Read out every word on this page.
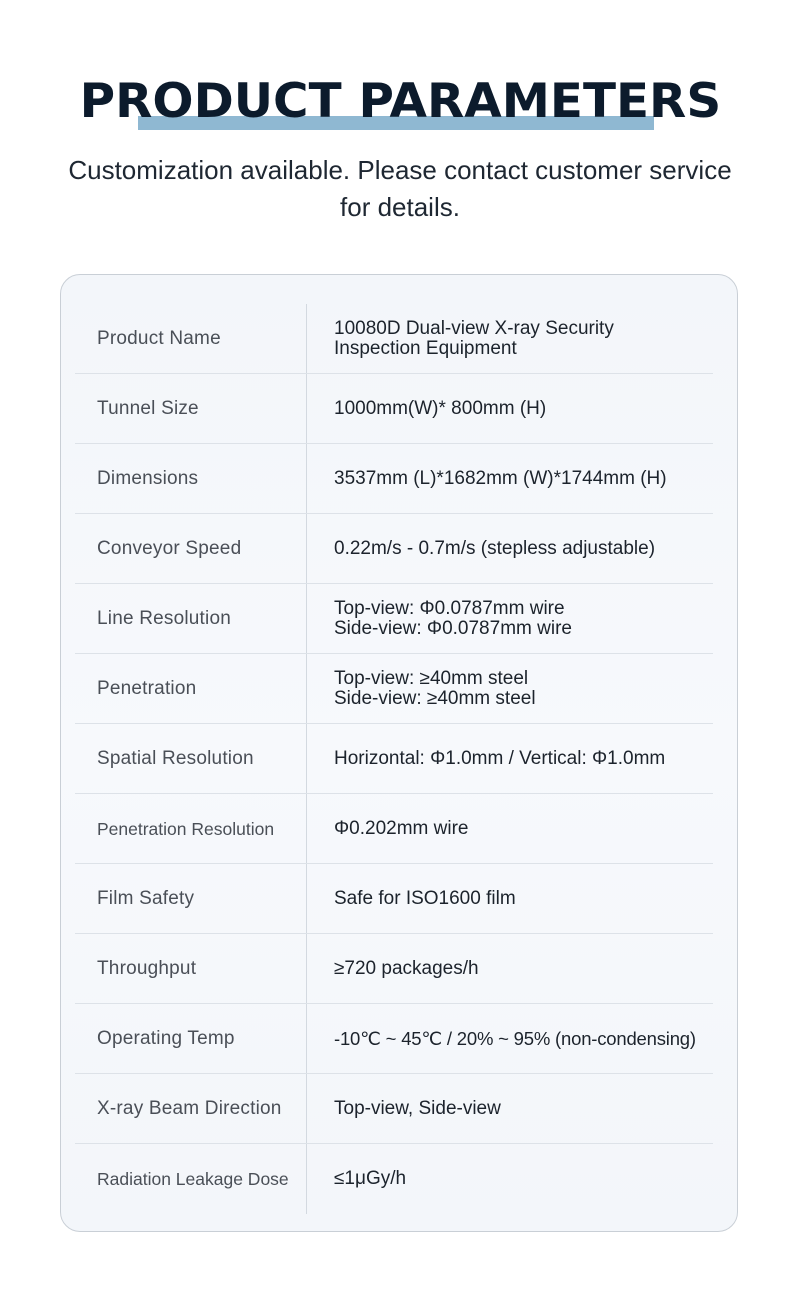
PRODUCT PARAMETERS

Customization available. Please contact customer service for details.

Product Name	10080D Dual-view X-ray Security
Inspection Equipment
Tunnel Size	1000mm(W)* 800mm (H)
Dimensions	3537mm (L)*1682mm (W)*1744mm (H)
Conveyor Speed	0.22m/s - 0.7m/s (stepless adjustable)
Line Resolution	Top-view: Φ0.0787mm wire
Side-view: Φ0.0787mm wire
Penetration	Top-view: ≥40mm steel
Side-view: ≥40mm steel
Spatial Resolution	Horizontal: Φ1.0mm / Vertical: Φ1.0mm
Penetration Resolution	Φ0.202mm wire
Film Safety	Safe for ISO1600 film
Throughput	≥720 packages/h
Operating Temp	-10℃ ~ 45℃ / 20% ~ 95% (non-condensing)
X-ray Beam Direction	Top-view, Side-view
Radiation Leakage Dose	≤1μGy/h
